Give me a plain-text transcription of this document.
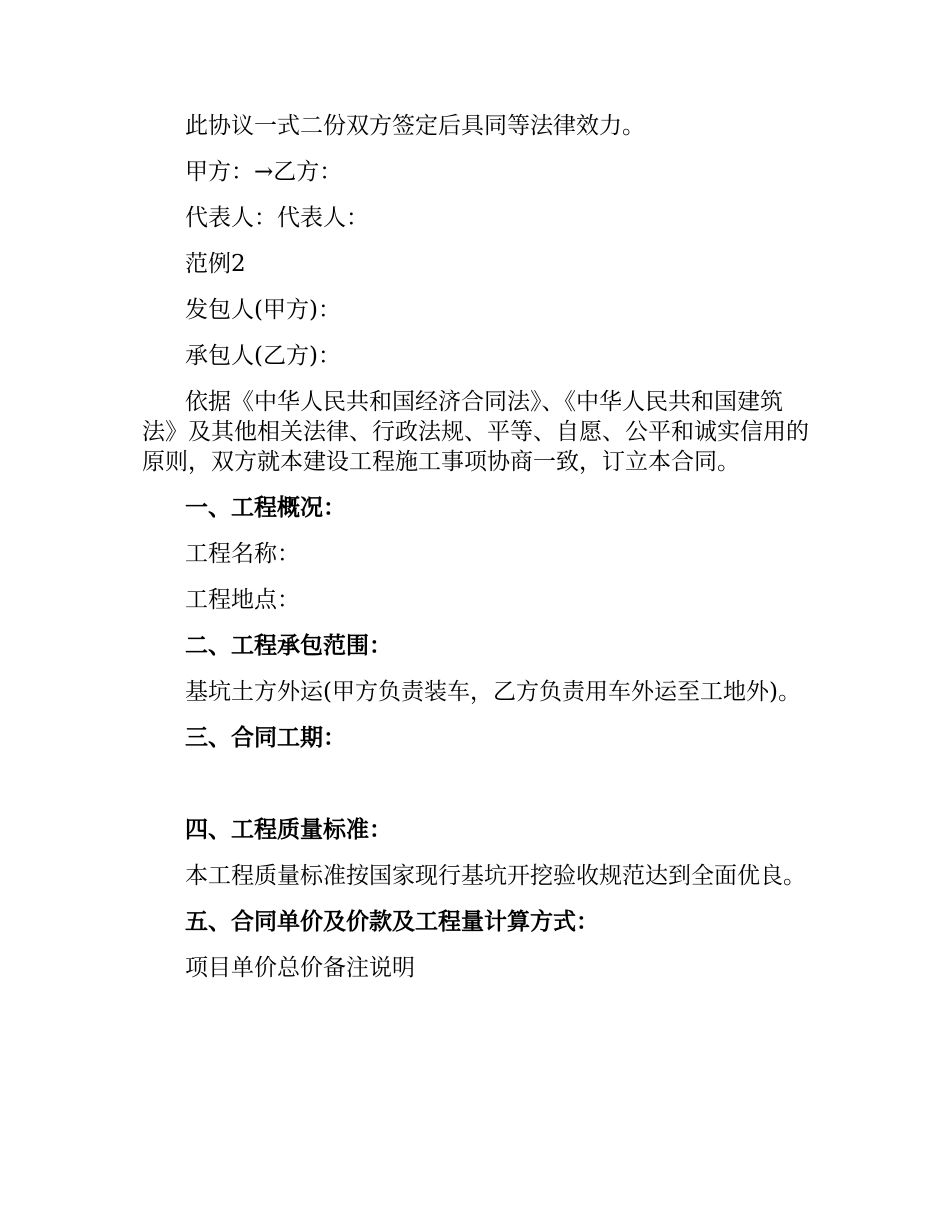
此协议一式二份双方签定后具同等法律效力。

甲方：→乙方：

代表人：代表人：

范例2

发包人(甲方)：

承包人(乙方)：

依据《中华人民共和国经济合同法》、《中华人民共和国建筑法》及其他相关法律、行政法规、平等、自愿、公平和诚实信用的原则，双方就本建设工程施工事项协商一致，订立本合同。

一、工程概况：

工程名称：

工程地点：

二、工程承包范围：

基坑土方外运(甲方负责装车，乙方负责用车外运至工地外)。

三、合同工期：

四、工程质量标准：

本工程质量标准按国家现行基坑开挖验收规范达到全面优良。

五、合同单价及价款及工程量计算方式：

项目单价总价备注说明
